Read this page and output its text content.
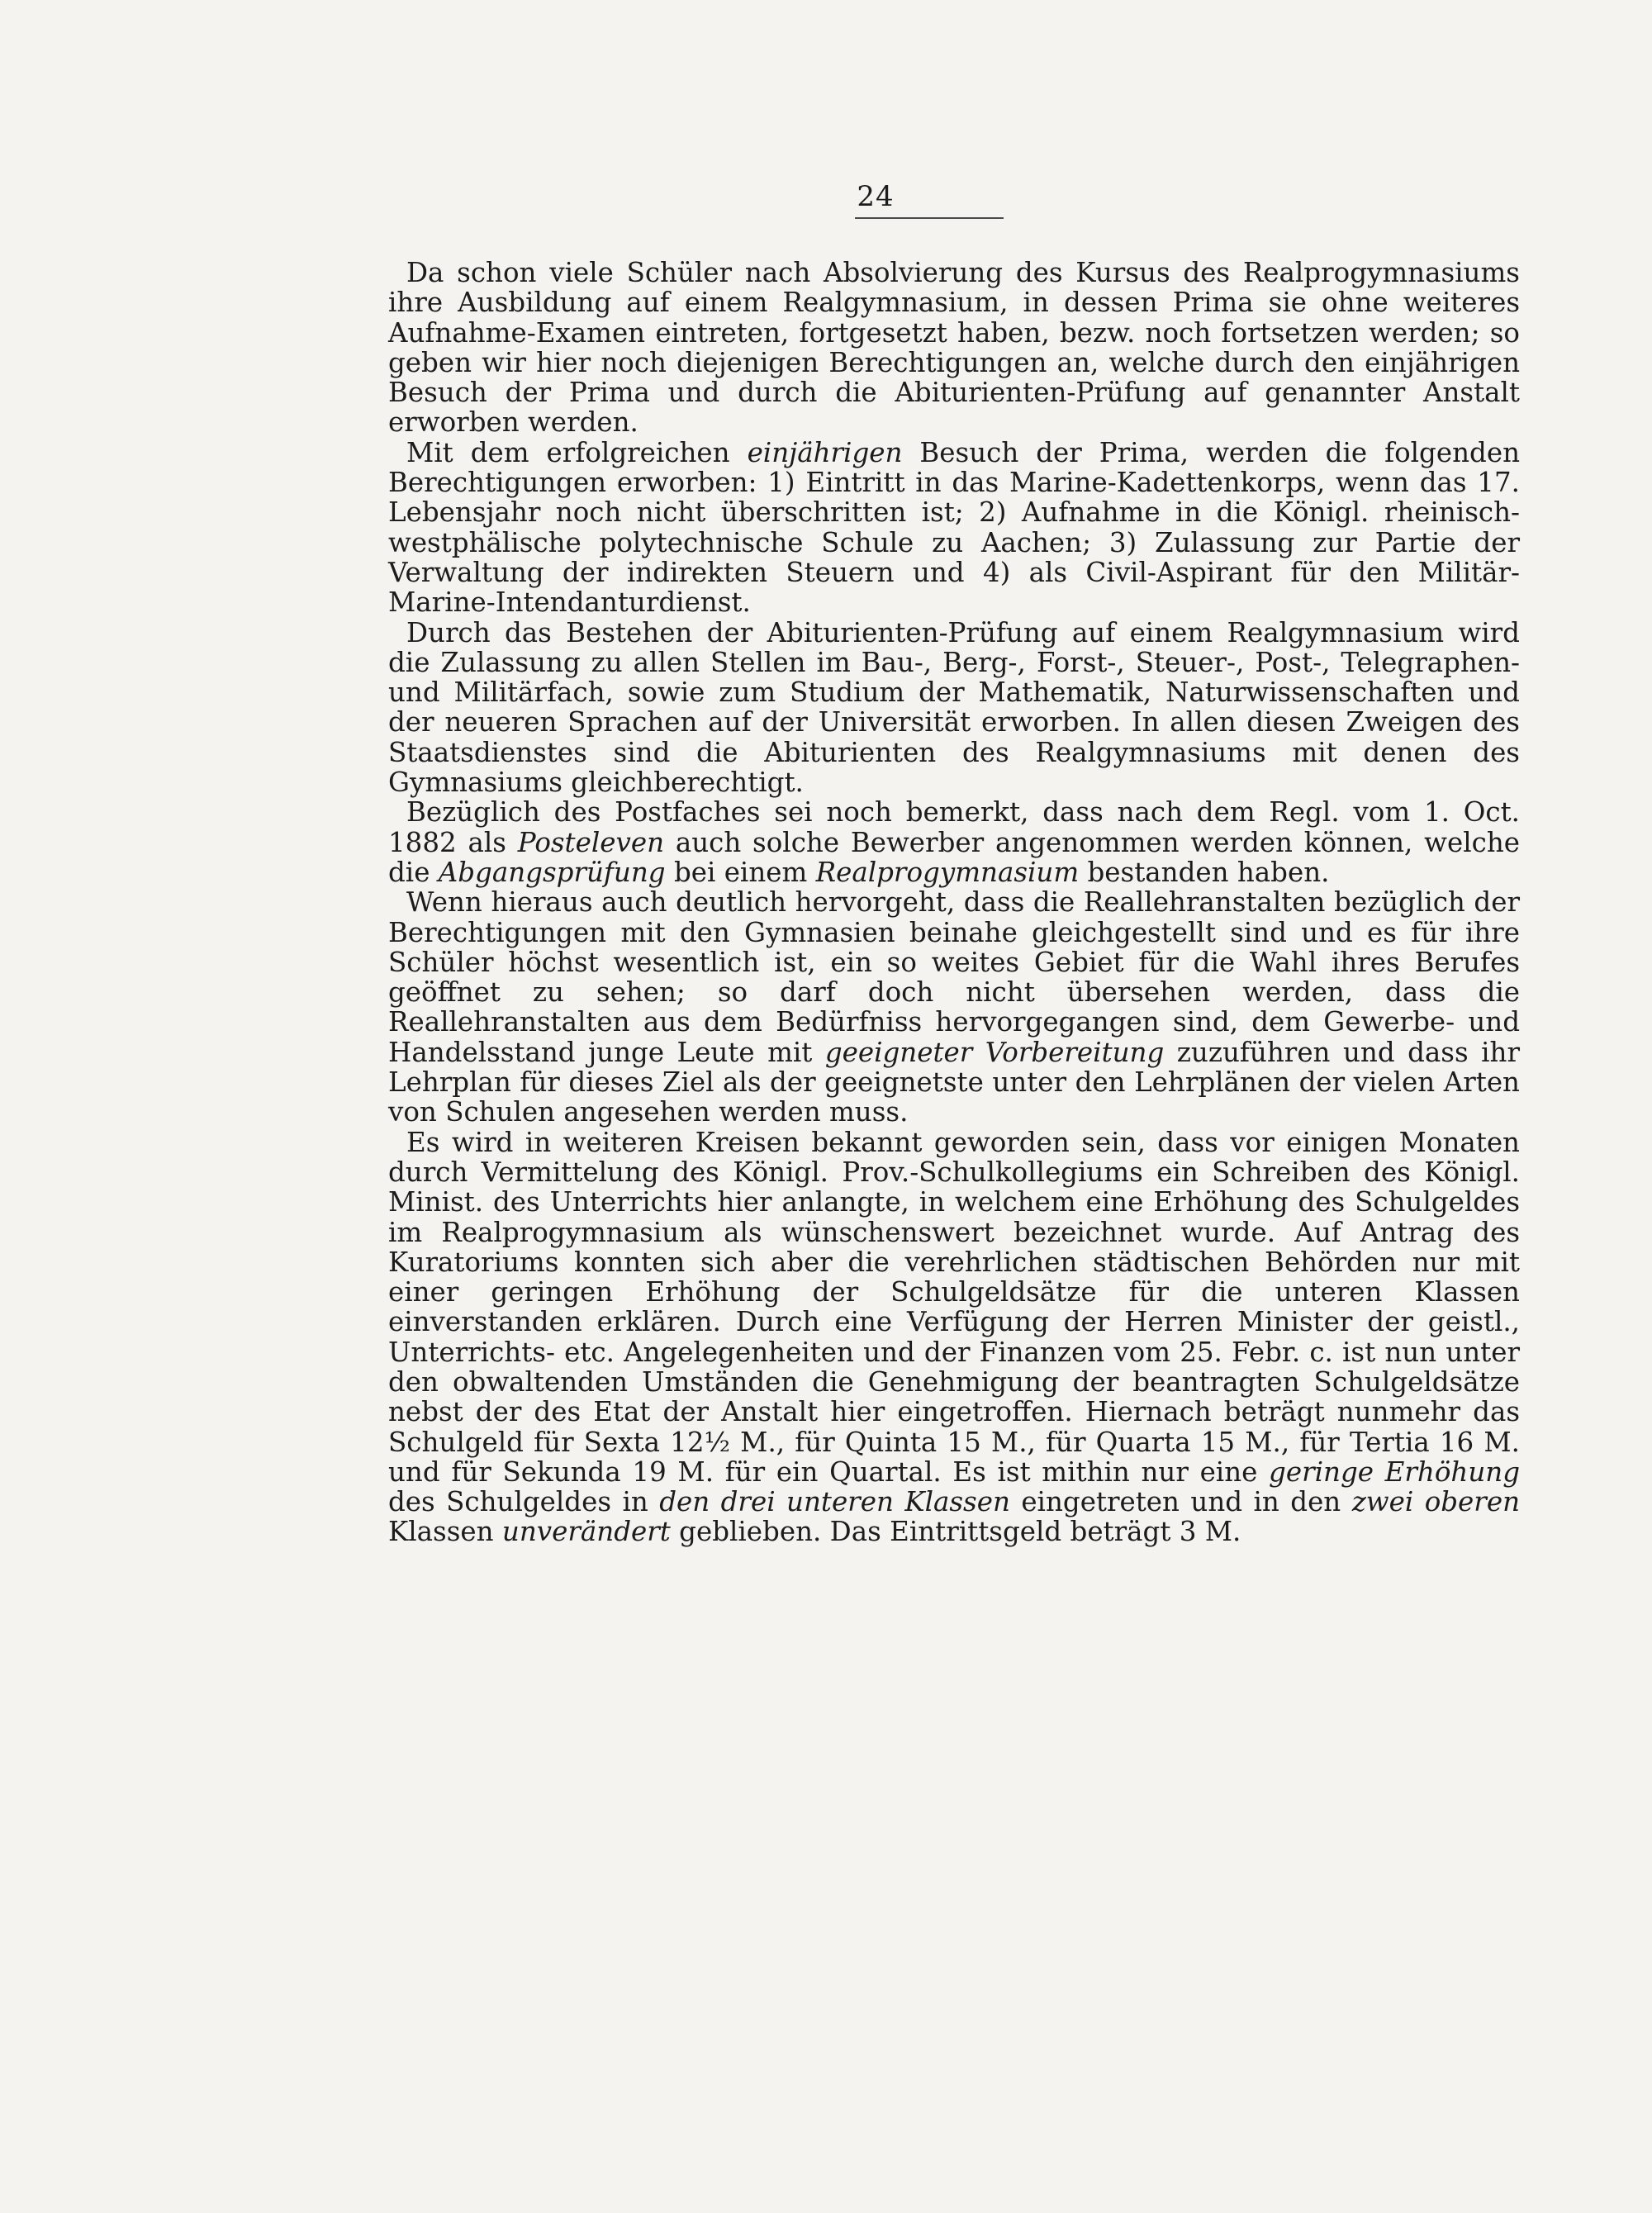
24

Da schon viele Schüler nach Absolvierung des Kursus des Realprogymnasiums ihre Ausbildung auf einem Realgymnasium, in dessen Prima sie ohne weiteres Aufnahme-Examen eintreten, fortgesetzt haben, bezw. noch fortsetzen werden; so geben wir hier noch diejenigen Berechtigungen an, welche durch den einjährigen Besuch der Prima und durch die Abiturienten-Prüfung auf genannter Anstalt erworben werden.

Mit dem erfolgreichen einjährigen Besuch der Prima, werden die folgenden Berechtigungen erworben: 1) Eintritt in das Marine-Kadettenkorps, wenn das 17. Lebensjahr noch nicht überschritten ist; 2) Aufnahme in die Königl. rheinisch-westphälische polytechnische Schule zu Aachen; 3) Zulassung zur Partie der Verwaltung der indirekten Steuern und 4) als Civil-Aspirant für den Militär-Marine-Intendanturdienst.

Durch das Bestehen der Abiturienten-Prüfung auf einem Realgymnasium wird die Zulassung zu allen Stellen im Bau-, Berg-, Forst-, Steuer-, Post-, Telegraphen- und Militärfach, sowie zum Studium der Mathematik, Naturwissenschaften und der neueren Sprachen auf der Universität erworben. In allen diesen Zweigen des Staatsdienstes sind die Abiturienten des Realgymnasiums mit denen des Gymnasiums gleichberechtigt.

Bezüglich des Postfaches sei noch bemerkt, dass nach dem Regl. vom 1. Oct. 1882 als Posteleven auch solche Bewerber angenommen werden können, welche die Abgangsprüfung bei einem Realprogymnasium bestanden haben.

Wenn hieraus auch deutlich hervorgeht, dass die Reallehranstalten bezüglich der Berechtigungen mit den Gymnasien beinahe gleichgestellt sind und es für ihre Schüler höchst wesentlich ist, ein so weites Gebiet für die Wahl ihres Berufes geöffnet zu sehen; so darf doch nicht übersehen werden, dass die Reallehranstalten aus dem Bedürfniss hervorgegangen sind, dem Gewerbe- und Handelsstand junge Leute mit geeigneter Vorbereitung zuzuführen und dass ihr Lehrplan für dieses Ziel als der geeignetste unter den Lehrplänen der vielen Arten von Schulen angesehen werden muss.

Es wird in weiteren Kreisen bekannt geworden sein, dass vor einigen Monaten durch Vermittelung des Königl. Prov.-Schulkollegiums ein Schreiben des Königl. Minist. des Unterrichts hier anlangte, in welchem eine Erhöhung des Schulgeldes im Realprogymnasium als wünschenswert bezeichnet wurde. Auf Antrag des Kuratoriums konnten sich aber die verehrlichen städtischen Behörden nur mit einer geringen Erhöhung der Schulgeldsätze für die unteren Klassen einverstanden erklären. Durch eine Verfügung der Herren Minister der geistl., Unterrichts- etc. Angelegenheiten und der Finanzen vom 25. Febr. c. ist nun unter den obwaltenden Umständen die Genehmigung der beantragten Schulgeldsätze nebst der des Etat der Anstalt hier eingetroffen. Hiernach beträgt nunmehr das Schulgeld für Sexta 12½ M., für Quinta 15 M., für Quarta 15 M., für Tertia 16 M. und für Sekunda 19 M. für ein Quartal. Es ist mithin nur eine geringe Erhöhung des Schulgeldes in den drei unteren Klassen eingetreten und in den zwei oberen Klassen unverändert geblieben. Das Eintrittsgeld beträgt 3 M.
